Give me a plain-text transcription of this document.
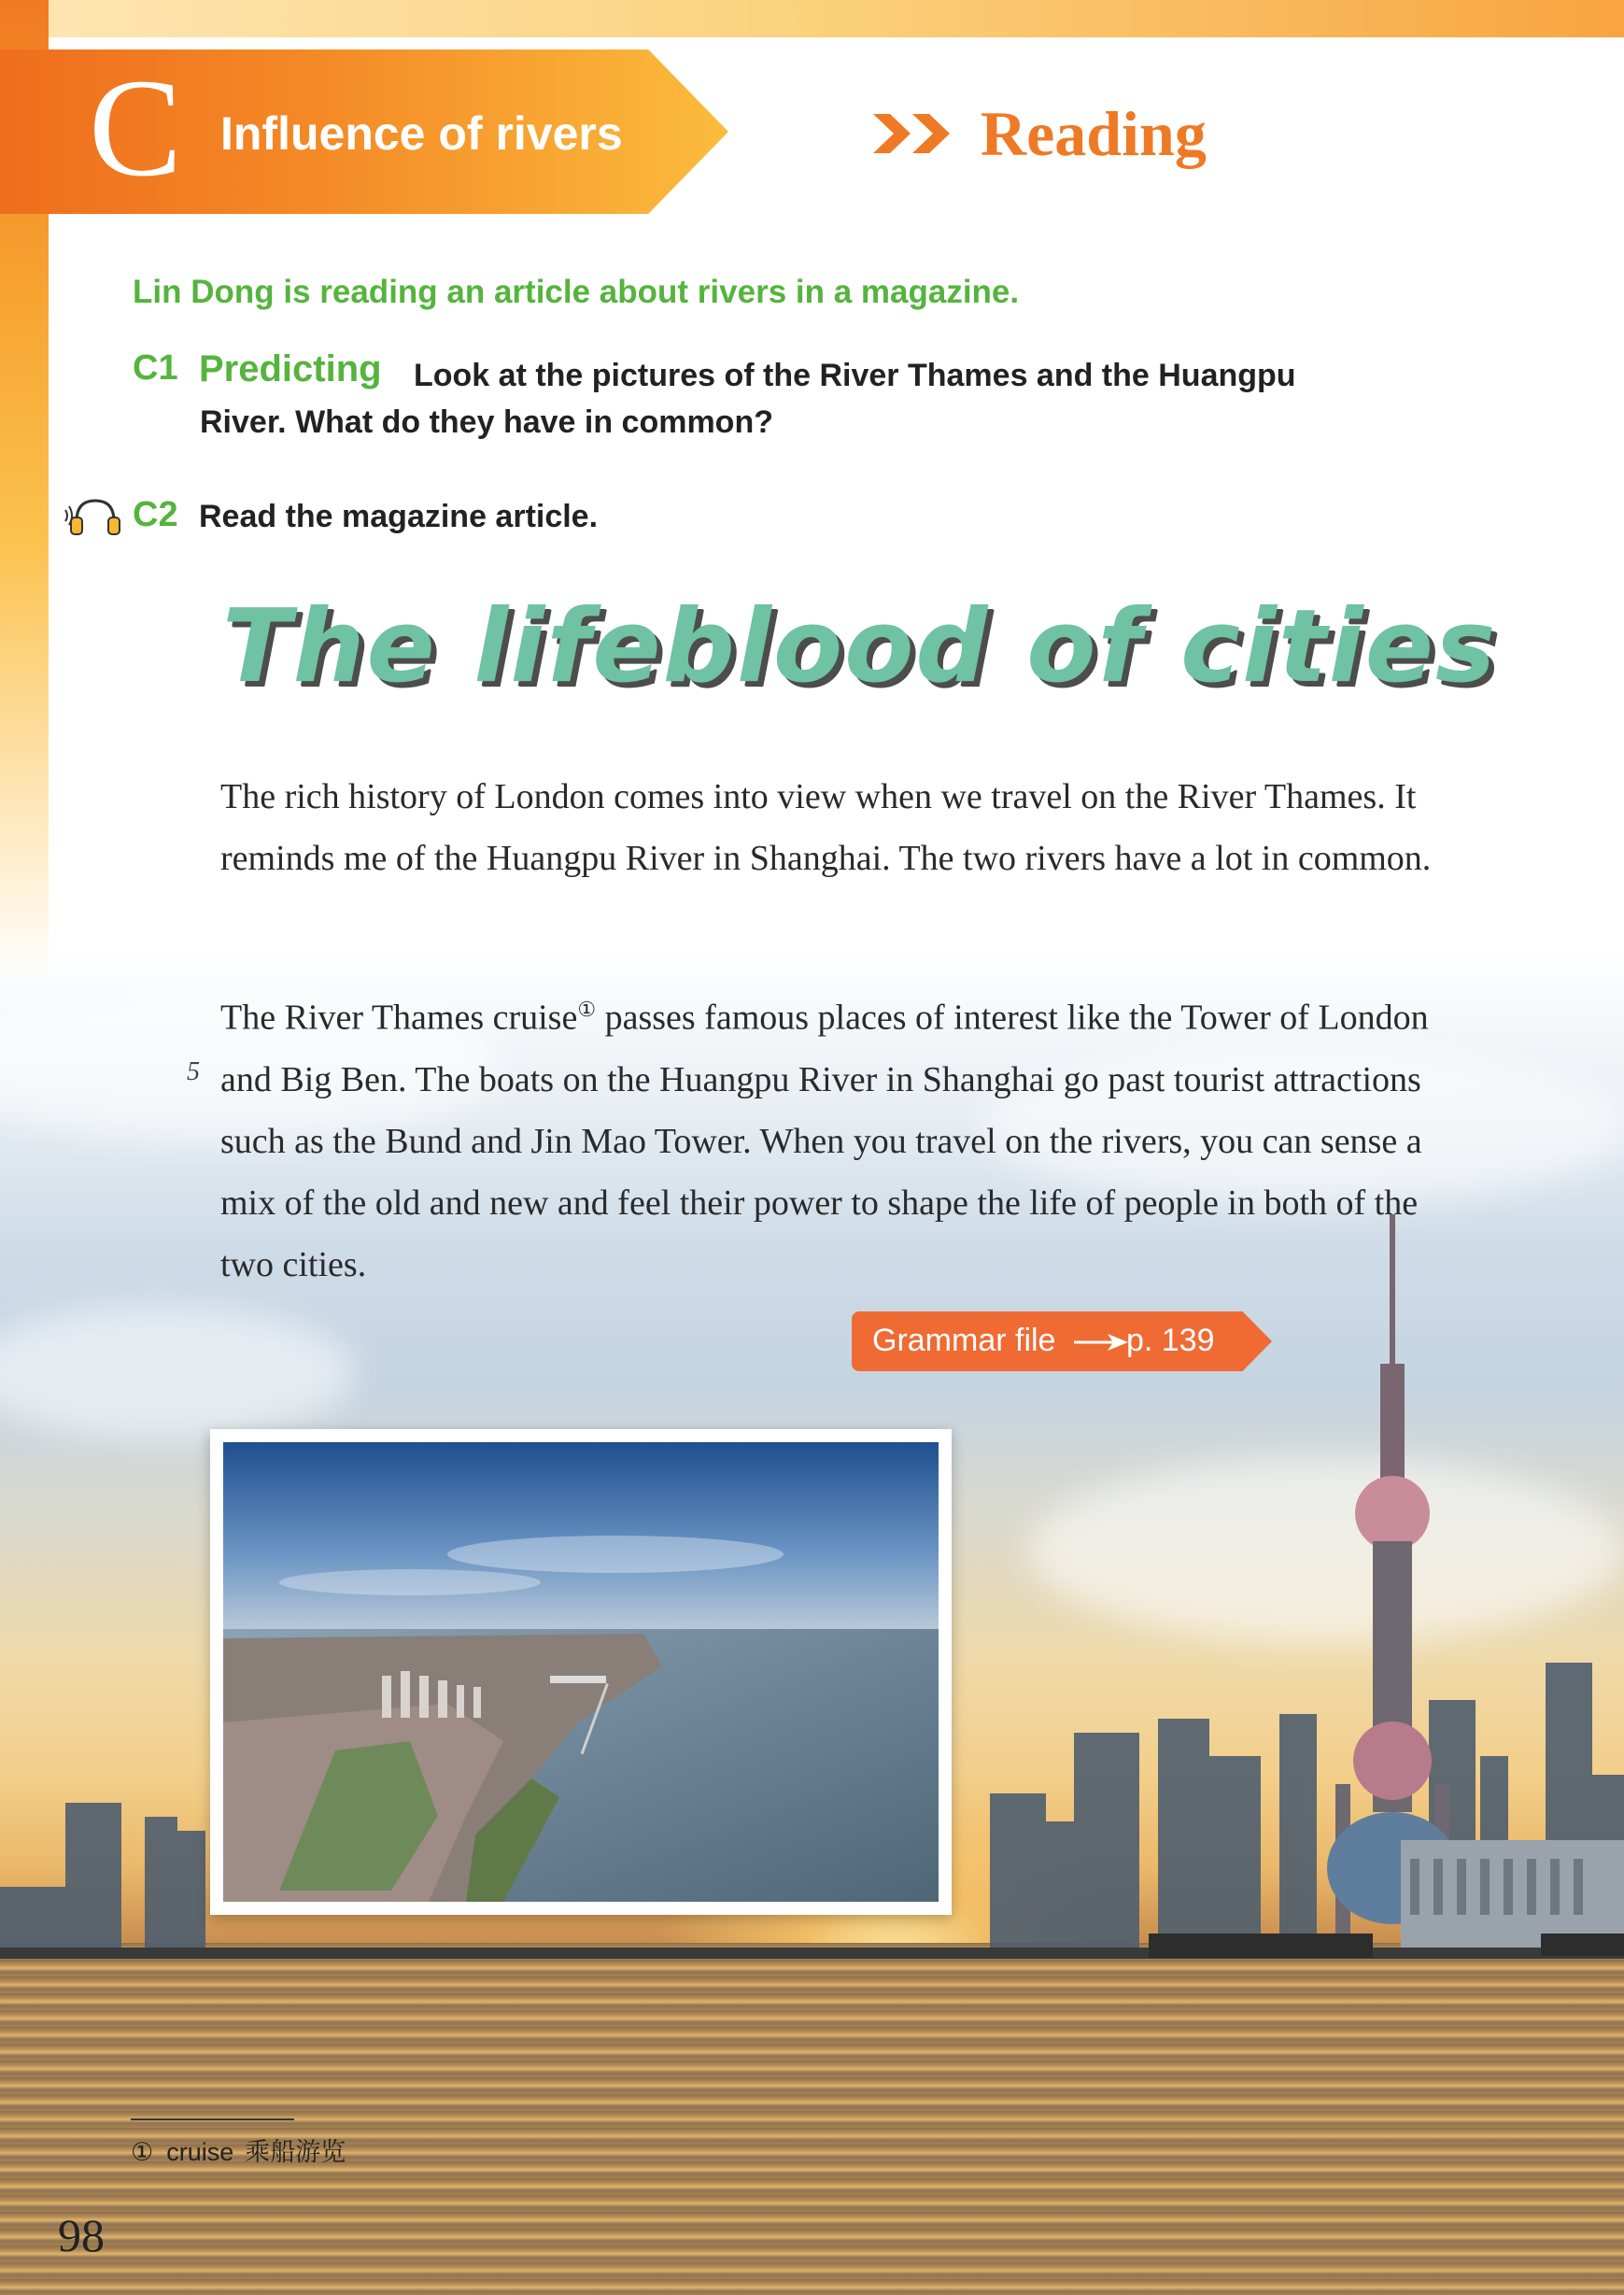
C Influence of rivers	Reading
Lin Dong is reading an article about rivers in a magazine.
C1 Predicting Look at the pictures of the River Thames and the Huangpu
River. What do they have in common?
C2 Read the magazine article.
The lifeblood of cities
The rich history of London comes into view when we travel on the River Thames. It reminds me of the Huangpu River in Shanghai. The two rivers have a lot in common.
The River Thames cruise① passes famous places of interest like the Tower of London and Big Ben. The boats on the Huangpu River in Shanghai go past tourist attractions such as the Bund and Jin Mao Tower. When you travel on the rivers, you can sense a mix of the old and new and feel their power to shape the life of people in both of the two cities.
5
Grammar file p. 139
① cruise 乘船游览
98
